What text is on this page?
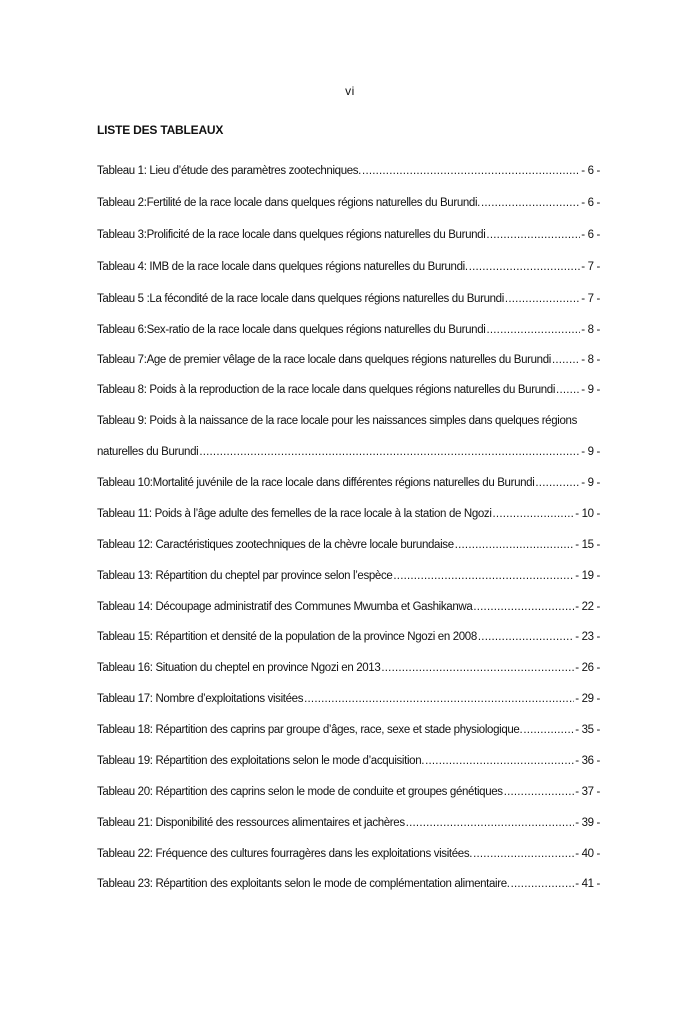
vi
LISTE DES TABLEAUX
Tableau 1: Lieu d’étude des paramètres zootechniques. .....	- 6 -
Tableau 2:Fertilité de la race locale dans quelques régions naturelles du Burundi. .....	- 6 -
Tableau 3:Prolificité de la race locale dans quelques régions naturelles du Burundi .....	- 6 -
Tableau 4: IMB de la race locale dans quelques régions naturelles du Burundi. .....	- 7 -
Tableau 5 :La fécondité de la race locale dans quelques régions naturelles du Burundi .....	- 7 -
Tableau 6:Sex-ratio de la race locale dans quelques régions naturelles du Burundi .....	- 8 -
Tableau 7:Age de premier vêlage de la race locale dans quelques régions naturelles du Burundi .....	- 8 -
Tableau 8: Poids à la reproduction de la race locale dans quelques régions naturelles du Burundi ..... - 9 -
Tableau 9: Poids à la naissance de la race locale pour les naissances simples dans quelques régions
naturelles du Burundi .....	- 9 -
Tableau 10:Mortalité juvénile de la race locale dans différentes régions naturelles du Burundi .....	- 9 -
Tableau 11: Poids à l’âge adulte des femelles de la race locale à la station de Ngozi .....	- 10 -
Tableau 12: Caractéristiques zootechniques de la chèvre locale burundaise .....	- 15 -
Tableau 13: Répartition du cheptel par province selon l’espèce .....	- 19 -
Tableau 14: Découpage administratif des Communes Mwumba et Gashikanwa .....	- 22 -
Tableau 15: Répartition et densité de la population de la province Ngozi en 2008 .....	- 23 -
Tableau 16: Situation du cheptel en province Ngozi en 2013 .....	- 26 -
Tableau 17: Nombre d’exploitations visitées .....	- 29 -
Tableau 18: Répartition des caprins par groupe d’âges, race, sexe et stade physiologique. .....	- 35 -
Tableau 19: Répartition des exploitations selon le mode d’acquisition. .....	- 36 -
Tableau 20: Répartition des caprins selon le mode de conduite et groupes génétiques .....	- 37 -
Tableau 21: Disponibilité des ressources alimentaires et jachères .....	- 39 -
Tableau 22: Fréquence des cultures fourragères dans les exploitations visitées. .....	- 40 -
Tableau 23: Répartition des exploitants selon le mode de complémentation alimentaire. .....	- 41 -
